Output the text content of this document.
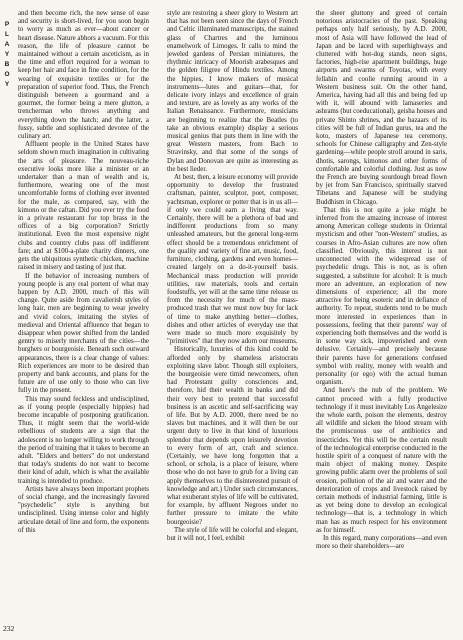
P
L
A
Y
B
O
Y

and then become rich, the new sense of ease and security is short-lived, for you soon begin to worry as much as ever—about cancer or heart disease. Nature abhors a vacuum. For this reason, the life of pleasure cannot be maintained without a certain asceticism, as in the time and effort required for a woman to keep her hair and face in fine condition, for the wearing of exquisite textiles or for the preparation of superior food. Thus, the French distinguish between a gourmand and a gourmet, the former being a mere glutton, a trencherman who throws anything and everything down the hatch; and the latter, a fussy, subtle and sophisticated devotee of the culinary art.

Affluent people in the United States have seldom shown much imagination in cultivating the arts of pleasure. The nouveau-riche executive looks more like a minister or an undertaker than a man of wealth and is, furthermore, wearing one of the most uncomfortable forms of clothing ever invented for the male, as compared, say, with the kimono or the caftan. Did you ever try the food in a private restaurant for top brass in the offices of a big corporation? Strictly institutional. Even the most expensive night clubs and country clubs pass off indifferent fare; and at $100-a-plate charity dinners, one gets the ubiquitous synthetic chicken, machine raised in misery and tasting of just that.

If the behavior of increasing numbers of young people is any real portent of what may happen by A.D. 2000, much of this will change. Quite aside from cavalierish styles of long hair, men are beginning to wear jewelry and vivid colors, imitating the styles of medieval and Oriental affluence that began to disappear when power shifted from the landed gentry to miserly merchants of the cities—the burghers or bourgeoisie. Beneath such outward appearances, there is a clear change of values: Rich experiences are more to be desired than property and bank accounts, and plans for the future are of use only to those who can live fully in the present.

This may sound feckless and undisciplined, as if young people (especially hippies) had become incapable of postponing gratification. Thus, it might seem that the world-wide rebellious of students are a sign that the adolescent is no longer willing to work through the period of training that it takes to become an adult. "Elders and betters" do not understand that today's students do not want to become their kind of adult, which is what the available training is intended to produce.

Artists have always been important prophets of social change, and the increasingly favored "psychedelic" style is anything but undisciplined. Using intense color and highly articulate detail of line and form, the exponents of this

style are restoring a sheer glory to Western art that has not been seen since the days of French and Celtic illuminated manuscripts, the stained glass of Chartres and the luminous enamelwork of Limoges. It calls to mind the jeweled gardens of Persian miniatures, the rhythmic intricacy of Moorish arabesques and the golden filigree of Hindu textiles. Among the hippies, I know makers of musical instruments—lutes and guitars—that, for delicate ivory inlays and excellence of grain and texture, are as lovely as any works of the Italian Renaissance. Furthermore, musicians are beginning to realize that the Beatles (to take an obvious example) display a serious musical genius that puts them in line with the great Western masters, from Bach to Stravinsky, and that some of the songs of Dylan and Donovan are quite as interesting as the best lieder.

At best, then, a leisure economy will provide opportunity to develop the frustrated craftsman, painter, sculptor, poet, composer, yachtsman, explorer or potter that is in us all—if only we could earn a living that way. Certainly, there will be a plethora of bad and indifferent productions from so many unleashed amateurs, but the general long-term effect should be a tremendous enrichment of the quality and variety of fine art, music, food, furniture, clothing, gardens and even homes—created largely on a do-it-yourself basis. Mechanical mass production will provide utilities, raw materials, tools and certain foodstuffs, yet will at the same time release us from the necessity for much of the mass-produced trash that we must now buy for lack of time to make anything better—clothes, dishes and other articles of everyday use that were made so much more exquisitely by "primitives" that they now adorn our museums.

Historically, luxuries of this kind could be afforded only by shameless aristocrats exploiting slave labor. Though still exploiters, the bourgeoisie were timid newcomers, often had Protestant guilty consciences and, therefore, hid their wealth in banks and did their very best to pretend that successful business is an ascetic and self-sacrificing way of life. But by A.D. 2000, there need be no slaves but machines, and it will then be our urgent duty to live in that kind of luxurious splendor that depends upon leisurely devotion to every form of art, craft and science. (Certainly, we have long forgotten that a school, or schola, is a place of leisure, where those who do not have to grub for a living can apply themselves to the disinterested pursuit of knowledge and art.) Under such circumstances, what exuberant styles of life will be cultivated, for example, by affluent Negroes under no further pressure to imitate the white bourgeoisie?

The style of life will be colorful and elegant, but it will not, I feel, exhibit

the sheer gluttony and greed of certain notorious aristocracies of the past. Speaking perhaps only half seriously, by A.D. 2000, most of Asia will have followed the lead of Japan and be laced with superhighways and cluttered with hot-dog stands, neon signs, factories, high-rise apartment buildings, huge airports and swarms of Toyotas, with every fellahin and coolie running around in a Western business suit. On the other hand, America, having had all this and being fed up with it, will abound with lamaseries and ashrams (but coeducational), geisha houses and private Shinto shrines, and the bazaars of its cities will be full of Indian gurus, tea and the koto, masters of Japanese tea ceremony, schools for Chinese calligraphy and Zen-style gardening—while people stroll around in saris, dhotis, sarongs, kimonos and other forms of comfortable and colorful clothing. Just as now the French are buying sourdough bread flown by jet from San Francisco, spiritually starved Tibetans and Japanese will be studying Buddhism in Chicago.

That this is not quite a joke might be inferred from the amazing increase of interest among American college students in Oriental mysticism and other "non-Western" studies, as courses in Afro-Asian cultures are now often classified. Obviously, this interest is not unconnected with the widespread use of psychedelic drugs. This is not, as is often suggested, a substitute for alcohol: It is much more an adventure, an exploration of new dimensions of experience; all the more attractive for being esoteric and in defiance of authority. To repeat, students tend to be much more interested in experiences than in possessions, feeling that their parents' way of experiencing both themselves and the world is in some way sick, impoverished and even delusive. Certainly—and precisely because their parents have for generations confused symbol with reality, money with wealth and personality (or ego) with the actual human organism.

And here's the nub of the problem. We cannot proceed with a fully productive technology if it must inevitably Los Angelesize the whole earth, poison the elements, destroy all wildlife and sicken the blood stream with the promiscuous use of antibiotics and insecticides. Yet this will be the certain result of the technological enterprise conducted in the hostile spirit of a conquest of nature with the main object of making money. Despite growing public alarm over the problems of soil erosion, pollution of the air and water and the deterioration of crops and livestock raised by certain methods of industrial farming, little is as yet being done to develop an ecological technology—that is, a technology in which man has as much respect for his environment as for himself.

In this regard, many corporations—and even more so their shareholders—are

232
